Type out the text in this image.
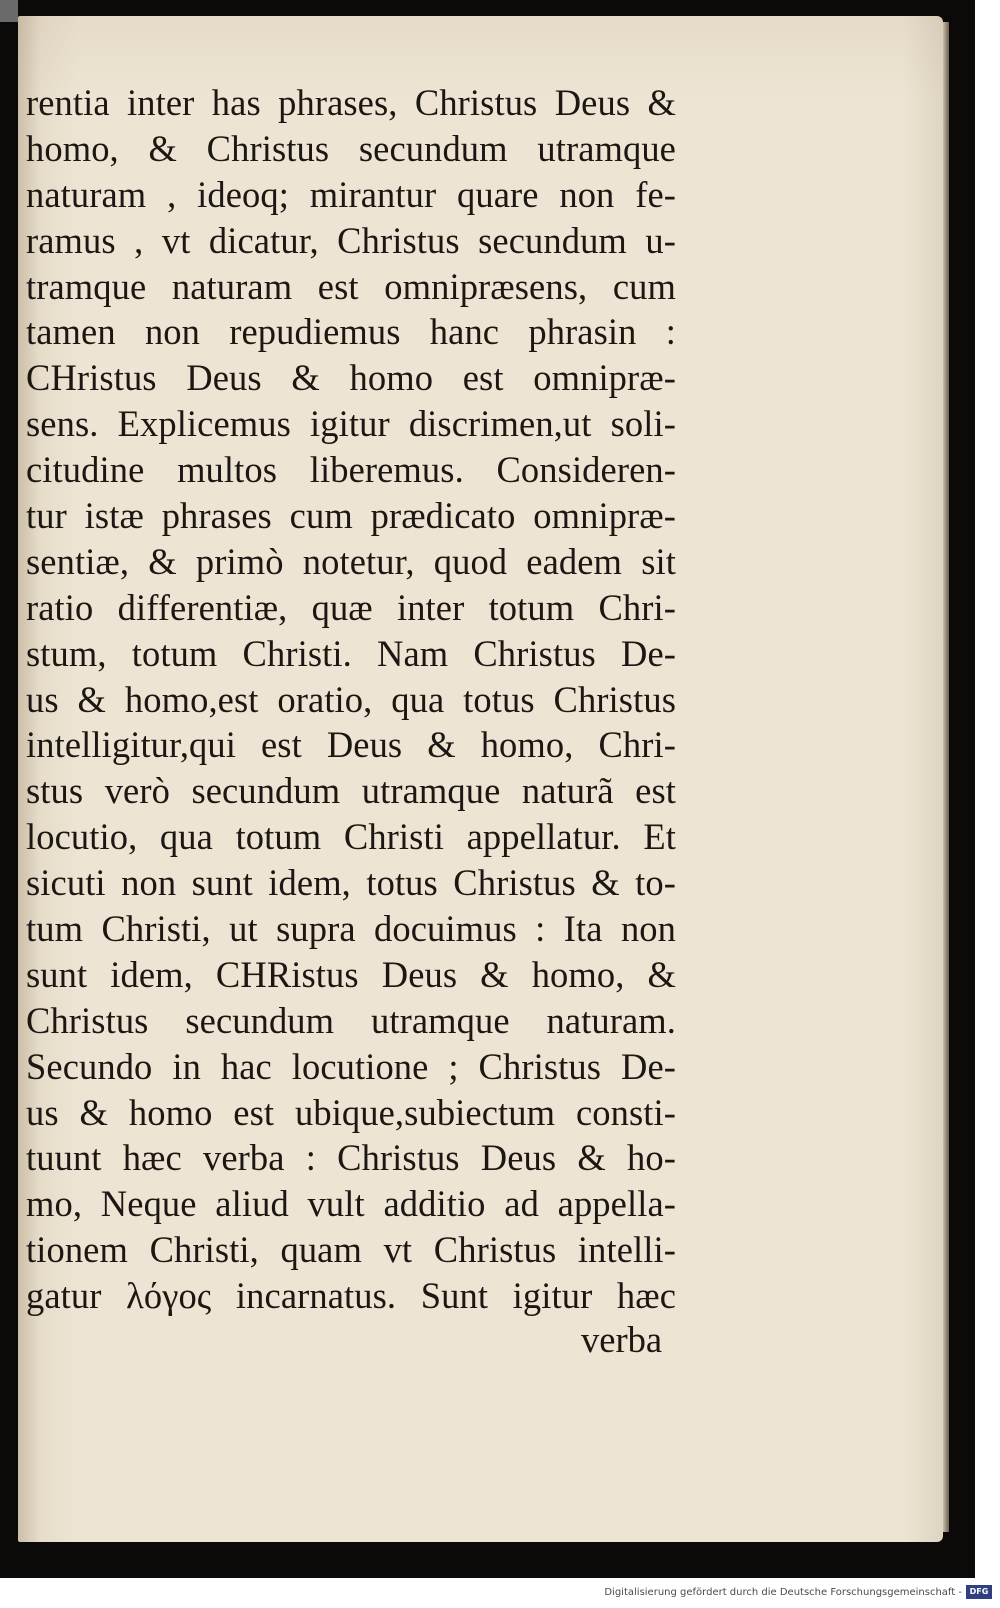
rentia inter has phrases, Christus Deus &
homo, & Christus secundum utramque
naturam , ideoq; mirantur quare non fe-
ramus , vt dicatur, Christus secundum u-
tramque naturam est omnipræsens, cum
tamen non repudiemus hanc phrasin :
CHristus Deus & homo est omnipræ-
sens. Explicemus igitur discrimen,ut soli-
citudine multos liberemus. Consideren-
tur istæ phrases cum prædicato omnipræ-
sentiæ, & primò notetur, quod eadem sit
ratio differentiæ, quæ inter totum Chri-
stum, totum Christi. Nam Christus De-
us & homo,est oratio, qua totus Christus
intelligitur,qui est Deus & homo, Chri-
stus verò secundum utramque naturã est
locutio, qua totum Christi appellatur. Et
sicuti non sunt idem, totus Christus & to-
tum Christi, ut supra docuimus : Ita non
sunt idem, CHRistus Deus & homo, &
Christus secundum utramque naturam.
Secundo in hac locutione ; Christus De-
us & homo est ubique,subiectum consti-
tuunt hæc verba : Christus Deus & ho-
mo, Neque aliud vult additio ad appella-
tionem Christi, quam vt Christus intelli-
gatur λόγος incarnatus. Sunt igitur hæc
verba
Digitalisierung gefördert durch die Deutsche Forschungsgemeinschaft - DFG
